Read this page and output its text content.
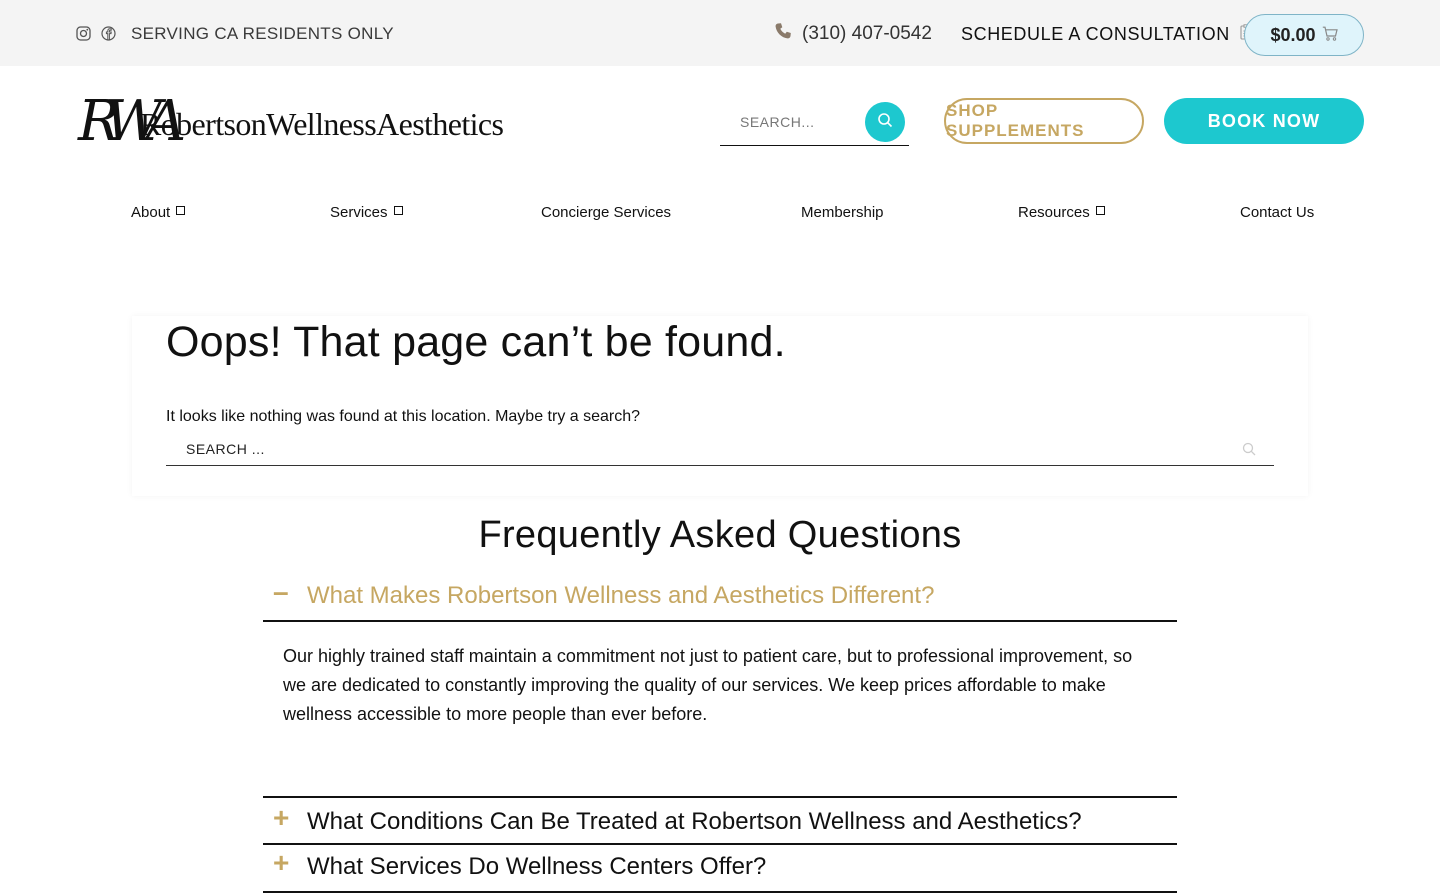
SERVING CA RESIDENTS ONLY	(310) 407-0542 SCHEDULE A CONSULTATION $0.00
RWA
RobertsonWellnessAesthetics
SEARCH...	SHOP SUPPLEMENTS	BOOK NOW
About	Services	Concierge Services	Membership	Resources	Contact Us
Oops! That page can’t be found.

It looks like nothing was found at this location. Maybe try a search?

SEARCH ...
Frequently Asked Questions
– What Makes Robertson Wellness and Aesthetics Different?
Our highly trained staff maintain a commitment not just to patient care, but to professional improvement, so we are dedicated to constantly improving the quality of our services. We keep prices affordable to make wellness accessible to more people than ever before.
+ What Conditions Can Be Treated at Robertson Wellness and Aesthetics?
+ What Services Do Wellness Centers Offer?
